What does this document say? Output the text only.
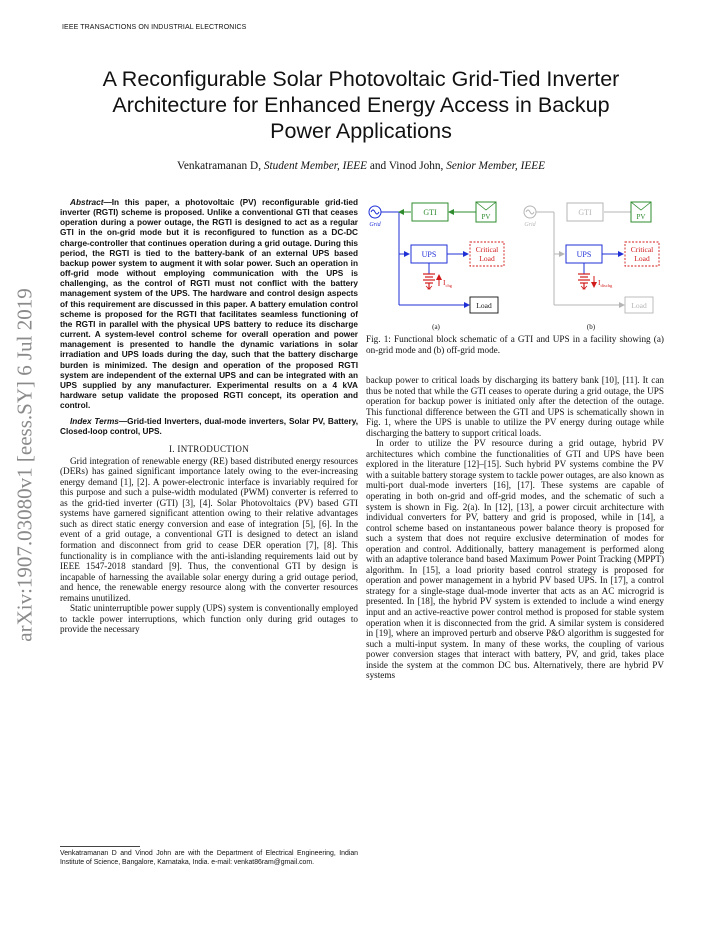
IEEE TRANSACTIONS ON INDUSTRIAL ELECTRONICS
arXiv:1907.03080v1 [eess.SY] 6 Jul 2019
A Reconfigurable Solar Photovoltaic Grid-Tied Inverter
Architecture for Enhanced Energy Access in Backup
Power Applications
Venkatramanan D, Student Member, IEEE and Vinod John, Senior Member, IEEE

Abstract—In this paper, a photovoltaic (PV) reconfigurable grid-tied inverter (RGTI) scheme is proposed. Unlike a conventional GTI that ceases operation during a power outage, the RGTI is designed to act as a regular GTI in the on-grid mode but it is reconfigured to function as a DC-DC charge-controller that continues operation during a grid outage. During this period, the RGTI is tied to the battery-bank of an external UPS based backup power system to augment it with solar power. Such an operation in off-grid mode without employing communication with the UPS is challenging, as the control of RGTI must not conflict with the battery management system of the UPS. The hardware and control design aspects of this requirement are discussed in this paper. A battery emulation control scheme is proposed for the RGTI that facilitates seamless functioning of the RGTI in parallel with the physical UPS battery to reduce its discharge current. A system-level control scheme for overall operation and power management is presented to handle the dynamic variations in solar irradiation and UPS loads during the day, such that the battery discharge burden is minimized. The design and operation of the proposed RGTI system are independent of the external UPS and can be integrated with an UPS supplied by any manufacturer. Experimental results on a 4 kVA hardware setup validate the proposed RGTI concept, its operation and control.

Index Terms—Grid-tied Inverters, dual-mode inverters, Solar PV, Battery, Closed-loop control, UPS.

I. INTRODUCTION

Grid integration of renewable energy (RE) based distributed energy resources (DERs) has gained significant importance lately owing to the ever-increasing energy demand [1], [2]. A power-electronic interface is invariably required for this purpose and such a pulse-width modulated (PWM) converter is referred to as the grid-tied inverter (GTI) [3], [4]. Solar Photovoltaics (PV) based GTI systems have garnered significant attention owing to their relative advantages such as direct static energy conversion and ease of integration [5], [6]. In the event of a grid outage, a conventional GTI is designed to detect an island formation and disconnect from grid to cease DER operation [7], [8]. This functionality is in compliance with the anti-islanding requirements laid out by IEEE 1547-2018 standard [9]. Thus, the conventional GTI by design is incapable of harnessing the available solar energy during a grid outage period, and hence, the renewable energy resource along with the converter resources remains unutilized.

Static uninterruptible power supply (UPS) system is conventionally employed to tackle power interruptions, which function only during grid outages to provide the necessary

Venkatramanan D and Vinod John are with the Department of Electrical Engineering, Indian Institute of Science, Bangalore, Karnataka, India. e-mail: venkat86ram@gmail.com.
Grid
GTI	PV
UPS
Critical
Load
$I_{chg}$
Load
(a)
Grid
GTI	PV
UPS
Critical
Load
$I_{dischg}$
Load
(b)
Fig. 1: Functional block schematic of a GTI and UPS in a facility showing (a) on-grid mode and (b) off-grid mode.

backup power to critical loads by discharging its battery bank [10], [11]. It can thus be noted that while the GTI ceases to operate during a grid outage, the UPS operation for backup power is initiated only after the detection of the outage. This functional difference between the GTI and UPS is schematically shown in Fig. 1, where the UPS is unable to utilize the PV energy during outage while discharging the battery to support critical loads.

In order to utilize the PV resource during a grid outage, hybrid PV architectures which combine the functionalities of GTI and UPS have been explored in the literature [12]–[15]. Such hybrid PV systems combine the PV with a suitable battery storage system to tackle power outages, are also known as multi-port dual-mode inverters [16], [17]. These systems are capable of operating in both on-grid and off-grid modes, and the schematic of such a system is shown in Fig. 2(a). In [12], [13], a power circuit architecture with individual converters for PV, battery and grid is proposed, while in [14], a control scheme based on instantaneous power balance theory is proposed for such a system that does not require exclusive determination of modes for operation and control. Additionally, battery management is performed along with an adaptive tolerance band based Maximum Power Point Tracking (MPPT) algorithm. In [15], a load priority based control strategy is proposed for operation and power management in a hybrid PV based UPS. In [17], a control strategy for a single-stage dual-mode inverter that acts as an AC microgrid is presented. In [18], the hybrid PV system is extended to include a wind energy input and an active-reactive power control method is proposed for stable system operation when it is disconnected from the grid. A similar system is considered in [19], where an improved perturb and observe P&O algorithm is suggested for such a multi-input system. In many of these works, the coupling of various power conversion stages that interact with battery, PV, and grid, takes place inside the system at the common DC bus. Alternatively, there are hybrid PV systems
